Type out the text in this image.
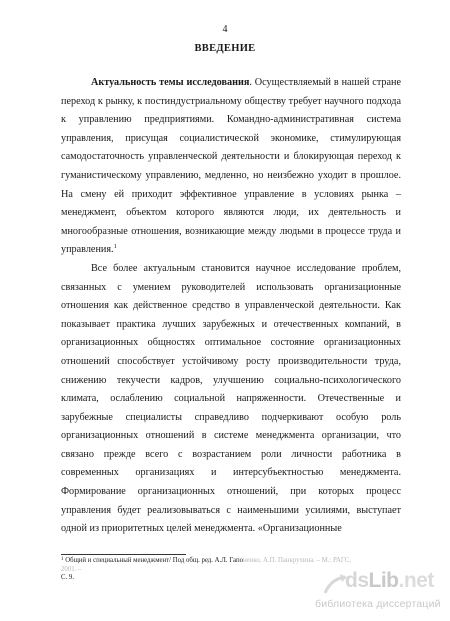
4
ВВЕДЕНИЕ

Актуальность темы исследования. Осуществляемый в нашей стране переход к рынку, к постиндустриальному обществу требует научного подхода к управлению предприятиями. Командно-административная система управления, присущая социалистической экономике, стимулирующая самодостаточность управленческой деятельности и блокирующая переход к гуманистическому управлению, медленно, но неизбежно уходит в прошлое. На смену ей приходит эффективное управление в условиях рынка – менеджмент, объектом которого являются люди, их деятельность и многообразные отношения, возникающие между людьми в процессе труда и управления.$^1$

Все более актуальным становится научное исследование проблем, связанных с умением руководителей использовать организационные отношения как действенное средство в управленческой деятельности. Как показывает практика лучших зарубежных и отечественных компаний, в организационных общностях оптимальное состояние организационных отношений способствует устойчивому росту производительности труда, снижению текучести кадров, улучшению социально-психологического климата, ослаблению социальной напряженности. Отечественные и зарубежные специалисты справедливо подчеркивают особую роль организационных отношений в системе менеджмента организации, что связано прежде всего с возрастанием роли личности работника в современных организациях и интерсубъектностью менеджмента. Формирование организационных отношений, при которых процесс управления будет реализовываться с наименьшими усилиями, выступает одной из приоритетных целей менеджмента. «Организационные

$^1$ Общий и специальный менеджмент/ Под общ. ред. А.Л. Гапоненко, А.П. Панкрухина. – М.: РАГС, 2001. –
С. 9.	dsLib.net
библиотека диссертаций
